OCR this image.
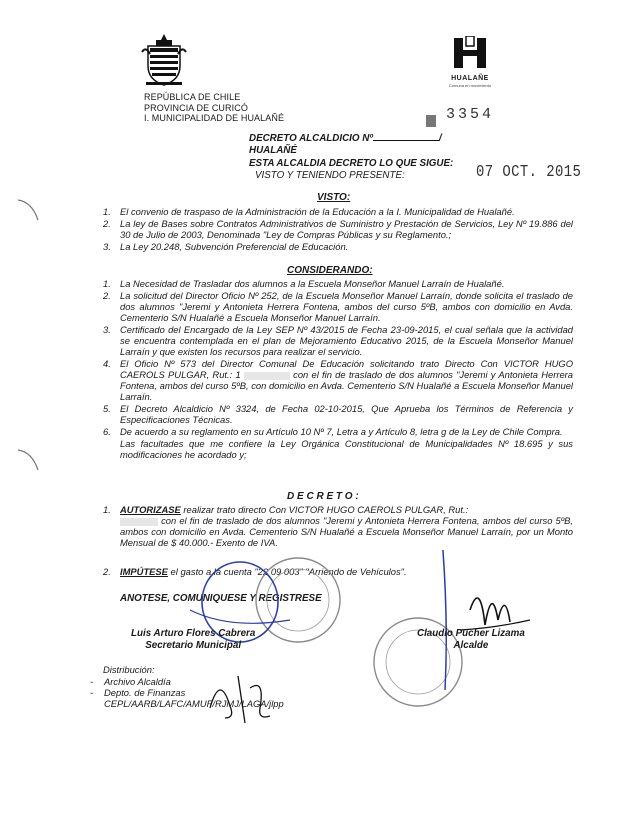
REPÚBLICA DE CHILE
PROVINCIA DE CURICÓ
I. MUNICIPALIDAD DE HUALAÑÉ
HUALAÑE
Comuna en movimiento
DECRETO ALCALDICIO Nº	/
HUALAÑÉ
ESTA ALCALDIA DECRETO LO QUE SIGUE:
VISTO Y TENIENDO PRESENTE:
3354
07 OCT. 2015
VISTO:
1. El convenio de traspaso de la Administración de la Educación a la I. Municipalidad de Hualañé.
2. La ley de Bases sobre Contratos Administrativos de Suministro y Prestación de Servicios, Ley Nº 19.886 del 30 de Julio de 2003, Denominada "Ley de Compras Públicas y su Reglamento.;
3. La Ley 20.248, Subvención Preferencial de Educación.
CONSIDERANDO:
1. La Necesidad de Trasladar dos alumnos a la Escuela Monseñor Manuel Larraín de Hualañé.
2. La solicitud del Director Oficio Nº 252, de la Escuela Monseñor Manuel Larraín, donde solicita el traslado de dos alumnos "Jeremi y Antonieta Herrera Fontena, ambos del curso 5ºB, ambos con domicilio en Avda. Cementerio S/N Hualañé a Escuela Monseñor Manuel Larraín.
3. Certificado del Encargado de la Ley SEP Nº 43/2015 de Fecha 23-09-2015, el cual señala que la actividad se encuentra contemplada en el plan de Mejoramiento Educativo 2015, de la Escuela Monseñor Manuel Larraín y que existen los recursos para realizar el servicio.
4. El Oficio Nº 573 del Director Comunal De Educación solicitando trato Directo Con VICTOR HUGO CAEROLS PULGAR, Rut.: 1	con el fin de traslado de dos alumnos "Jeremi y Antonieta Herrera Fontena, ambos del curso 5ºB, con domicilio en Avda. Cementerio S/N Hualañé a Escuela Monseñor Manuel Larraín.
5. El Decreto Alcaldicio Nº 3324, de Fecha 02-10-2015, Que Aprueba los Términos de Referencia y Especificaciones Técnicas.
6. De acuerdo a su reglamento en su Artículo 10 Nº 7, Letra a y Artículo 8, letra g de la Ley de Chile Compra.
Las facultades que me confiere la Ley Orgánica Constitucional de Municipalidades Nº 18.695 y sus modificaciones he acordado y;
D E C R E T O :
1. AUTORIZASE realizar trato directo Con VICTOR HUGO CAEROLS PULGAR, Rut.:
con el fin de traslado de dos alumnos "Jeremi y Antonieta Herrera Fontena, ambos del curso 5ºB, ambos con domicilio en Avda. Cementerio S/N Hualañé a Escuela Monseñor Manuel Larraín, por un Monto Mensual de $ 40.000.- Exento de IVA.
2. IMPÚTESE el gasto a la cuenta "22 09 003" "Arriendo de Vehículos".
ANOTESE, COMUNIQUESE Y REGISTRESE
Luis Arturo Flores Cabrera
Secretario Municipal
Claudio Pucher Lizama
Alcalde
Distribución:
- Archivo Alcaldía
- Depto. de Finanzas
CEPL/AARB/LAFC/AMUF/RJMJ/LAGA/jlpp
